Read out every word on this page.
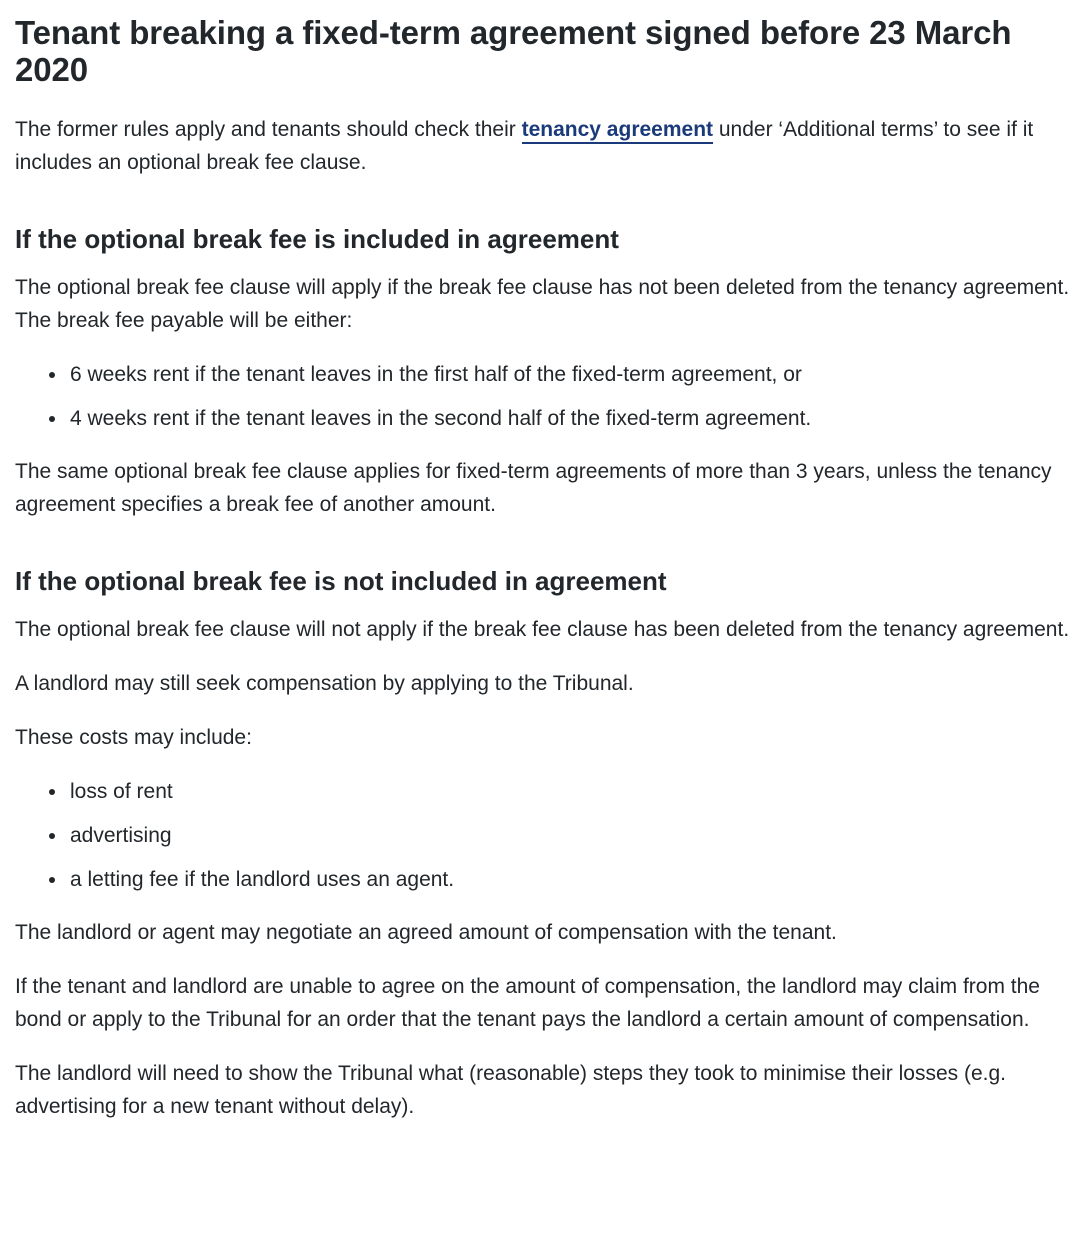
Tenant breaking a fixed-term agreement signed before 23 March 2020

The former rules apply and tenants should check their tenancy agreement under ‘Additional terms’ to see if it includes an optional break fee clause.

If the optional break fee is included in agreement

The optional break fee clause will apply if the break fee clause has not been deleted from the tenancy agreement. The break fee payable will be either:

6 weeks rent if the tenant leaves in the first half of the fixed-term agreement, or
4 weeks rent if the tenant leaves in the second half of the fixed-term agreement.

The same optional break fee clause applies for fixed-term agreements of more than 3 years, unless the tenancy agreement specifies a break fee of another amount.

If the optional break fee is not included in agreement

The optional break fee clause will not apply if the break fee clause has been deleted from the tenancy agreement.

A landlord may still seek compensation by applying to the Tribunal.

These costs may include:

loss of rent
advertising
a letting fee if the landlord uses an agent.

The landlord or agent may negotiate an agreed amount of compensation with the tenant.

If the tenant and landlord are unable to agree on the amount of compensation, the landlord may claim from the bond or apply to the Tribunal for an order that the tenant pays the landlord a certain amount of compensation.

The landlord will need to show the Tribunal what (reasonable) steps they took to minimise their losses (e.g. advertising for a new tenant without delay).
